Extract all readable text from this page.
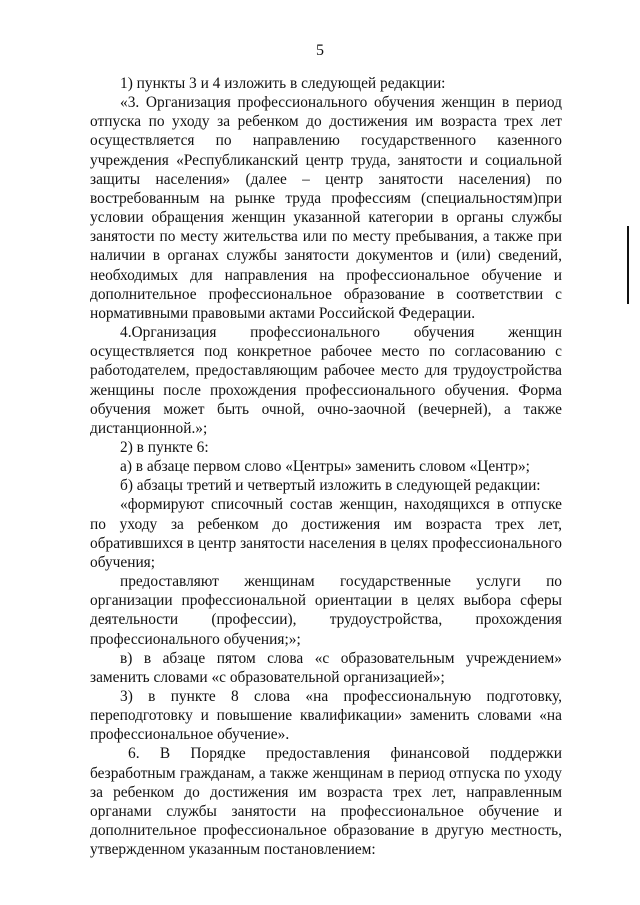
5

1) пункты 3 и 4 изложить в следующей редакции:

«3. Организация профессионального обучения женщин в период отпуска по уходу за ребенком до достижения им возраста трех лет осуществляется по направлению государственного казенного учреждения «Республиканский центр труда, занятости и социальной защиты населения» (далее – центр занятости населения) по востребованным на рынке труда профессиям (специальностям)при условии обращения женщин указанной категории в органы службы занятости по месту жительства или по месту пребывания, а также при наличии в органах службы занятости документов и (или) сведений, необходимых для направления на профессиональное обучение и дополнительное профессиональное образование в соответствии с нормативными правовыми актами Российской Федерации.

4.Организация профессионального обучения женщин осуществляется под конкретное рабочее место по согласованию с работодателем, предоставляющим рабочее место для трудоустройства женщины после прохождения профессионального обучения. Форма обучения может быть очной, очно-заочной (вечерней), а также дистанционной.»;

2) в пункте 6:

а) в абзаце первом слово «Центры» заменить словом «Центр»;

б) абзацы третий и четвертый изложить в следующей редакции:

«формируют списочный состав женщин, находящихся в отпуске по уходу за ребенком до достижения им возраста трех лет, обратившихся в центр занятости населения в целях профессионального обучения;

предоставляют женщинам государственные услуги по организации профессиональной ориентации в целях выбора сферы деятельности (профессии), трудоустройства, прохождения профессионального обучения;»;

в) в абзаце пятом слова «с образовательным учреждением» заменить словами «с образовательной организацией»;

3) в пункте 8 слова «на профессиональную подготовку, переподготовку и повышение квалификации» заменить словами «на профессиональное обучение».

6. В Порядке предоставления финансовой поддержки безработным гражданам, а также женщинам в период отпуска по уходу за ребенком до достижения им возраста трех лет, направленным органами службы занятости на профессиональное обучение и дополнительное профессиональное образование в другую местность, утвержденном указанным постановлением:
